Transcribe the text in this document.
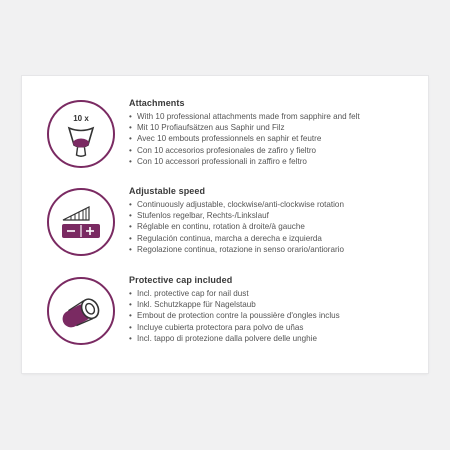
10 x
Attachments
• With 10 professional attachments made from sapphire and felt
• Mit 10 Profiaufsätzen aus Saphir und Filz
• Avec 10 embouts professionnels en saphir et feutre
• Con 10 accesorios profesionales de zafiro y fieltro
• Con 10 accessori professionali in zaffiro e feltro
Adjustable speed
• Continuously adjustable, clockwise/anti-clockwise rotation
• Stufenlos regelbar, Rechts-/Linkslauf
• Réglable en continu, rotation à droite/à gauche
• Regulación continua, marcha a derecha e izquierda
• Regolazione continua, rotazione in senso orario/antiorario
Protective cap included
• Incl. protective cap for nail dust
• Inkl. Schutzkappe für Nagelstaub
• Embout de protection contre la poussière d'ongles inclus
• Incluye cubierta protectora para polvo de uñas
• Incl. tappo di protezione dalla polvere delle unghie
